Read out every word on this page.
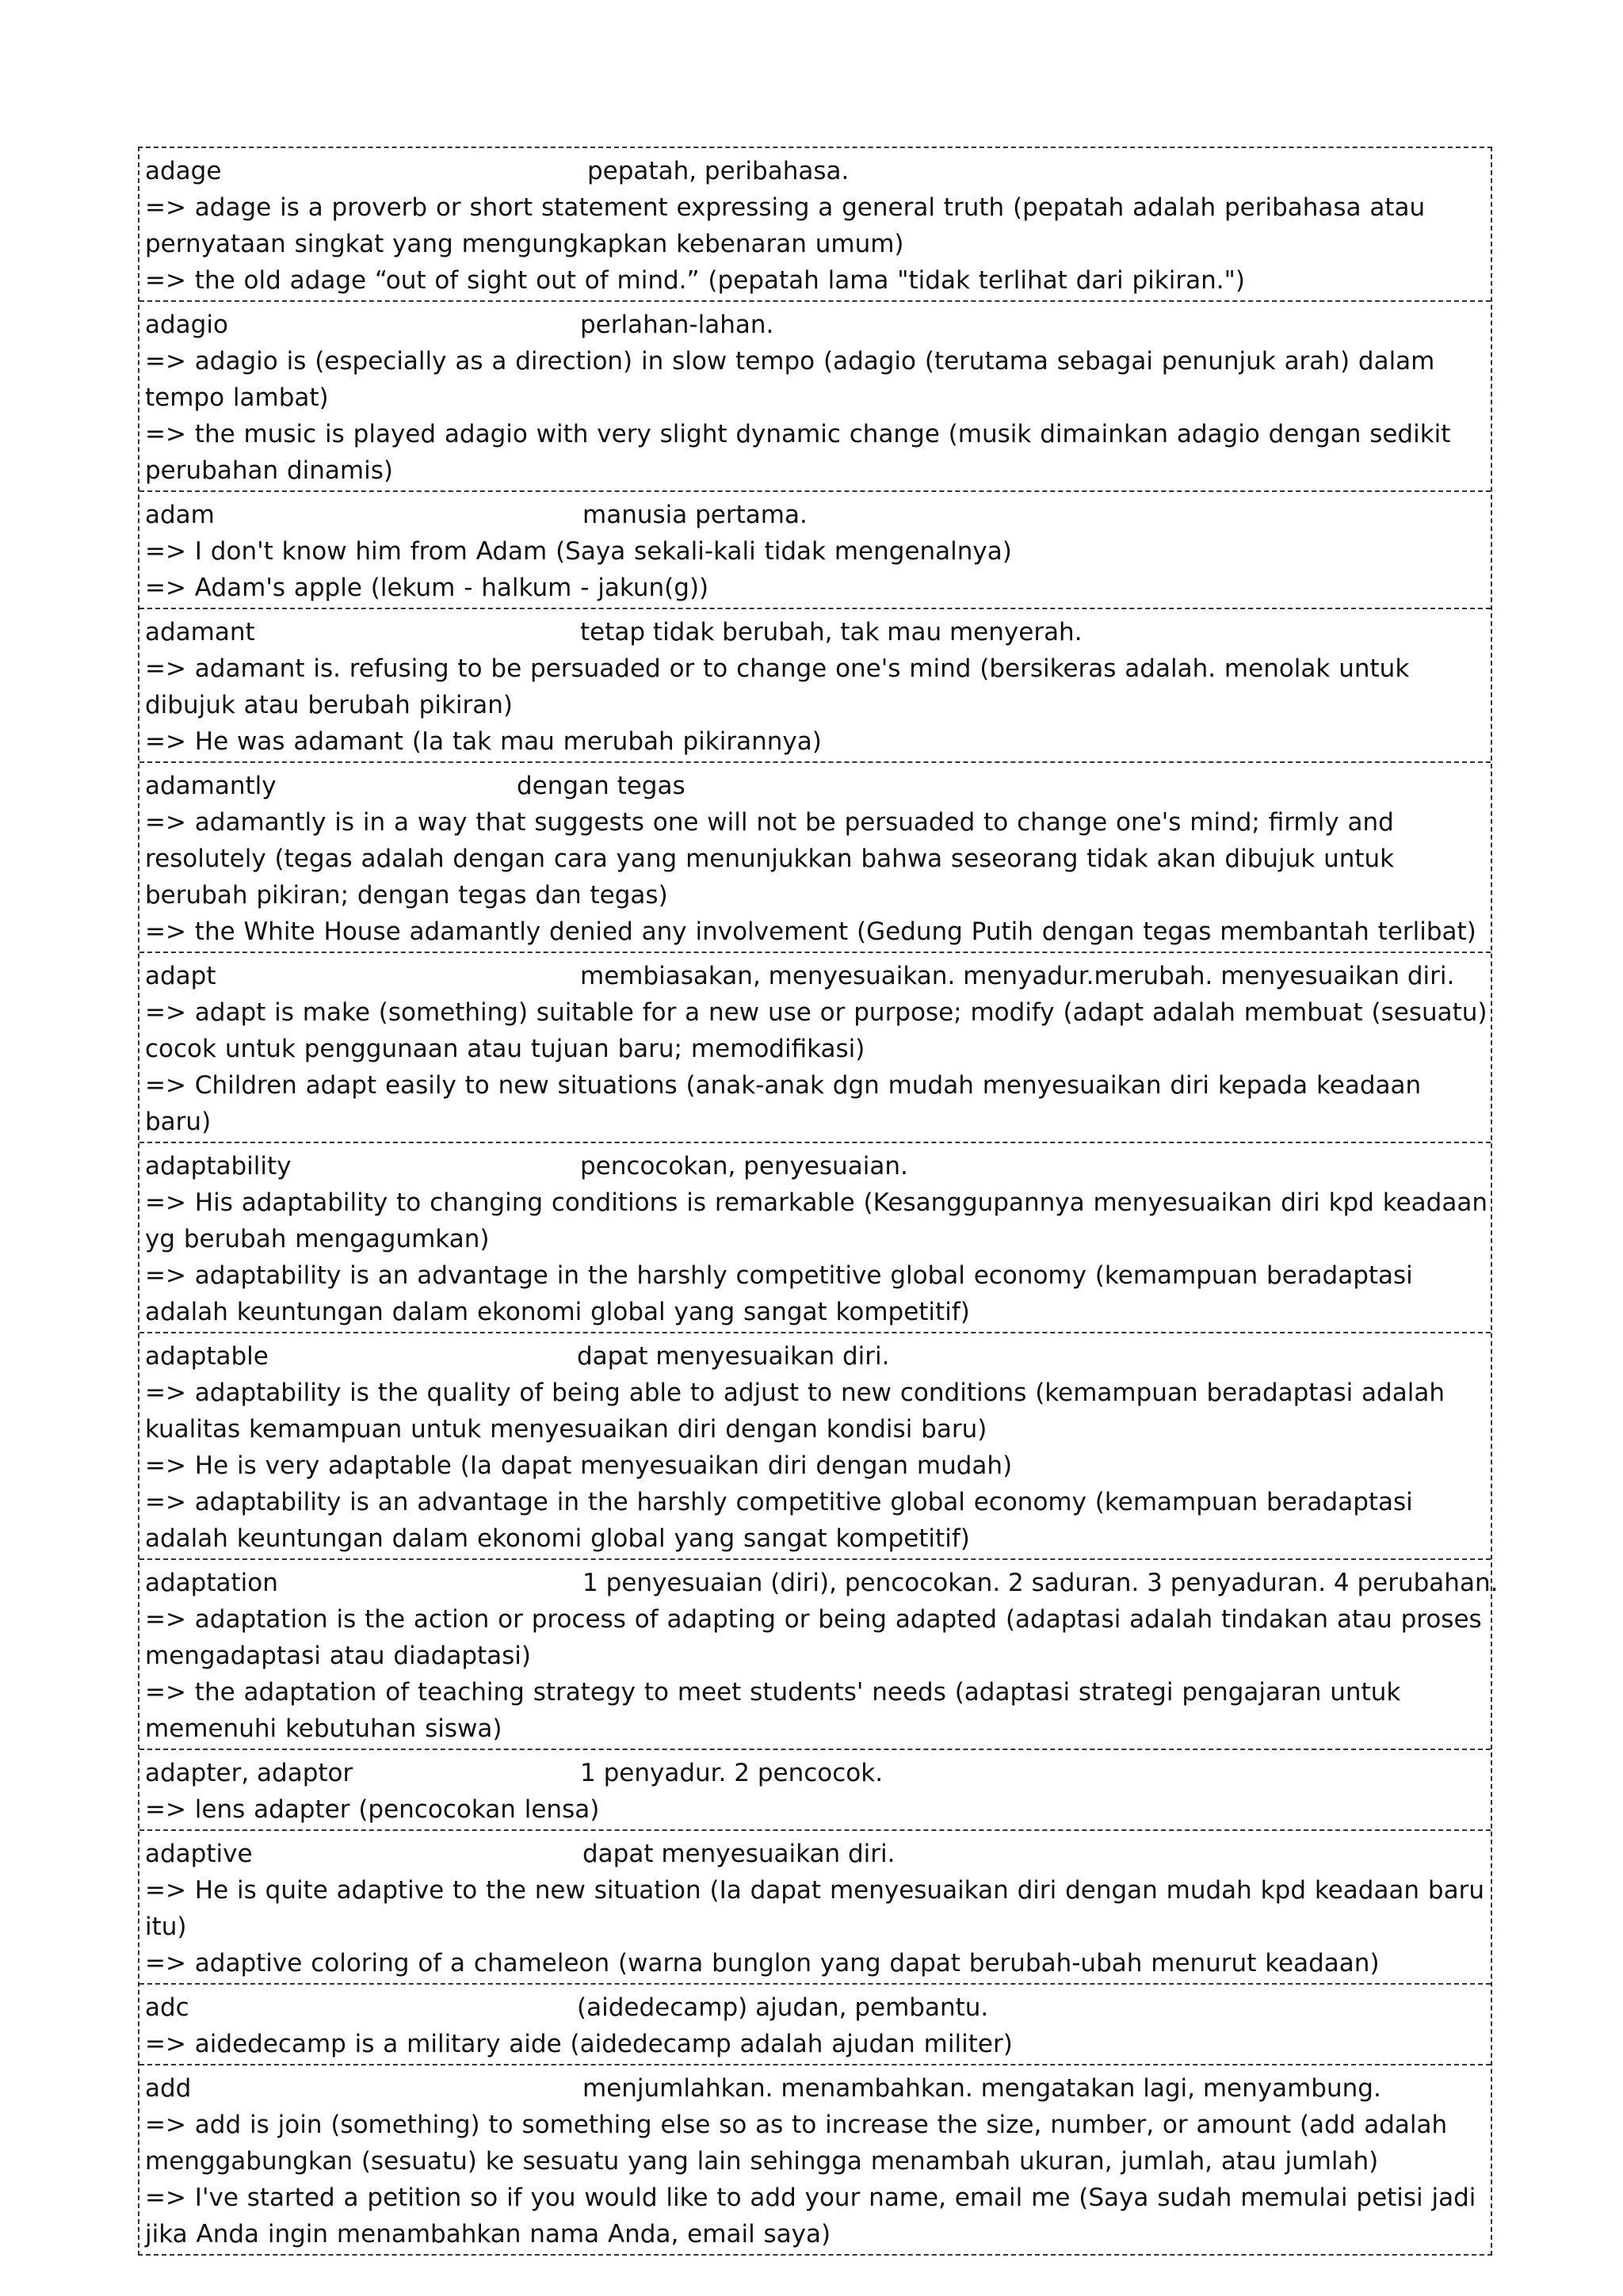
adage	pepatah, peribahasa.
=> adage is a proverb or short statement expressing a general truth (pepatah adalah peribahasa atau pernyataan singkat yang mengungkapkan kebenaran umum)
=> the old adage “out of sight out of mind.” (pepatah lama "tidak terlihat dari pikiran.")
adagio	perlahan-lahan.
=> adagio is (especially as a direction) in slow tempo (adagio (terutama sebagai penunjuk arah) dalam tempo lambat)
=> the music is played adagio with very slight dynamic change (musik dimainkan adagio dengan sedikit perubahan dinamis)
adam	manusia pertama.
=> I don't know him from Adam (Saya sekali-kali tidak mengenalnya)
=> Adam's apple (lekum - halkum - jakun(g))
adamant	tetap tidak berubah, tak mau menyerah.
=> adamant is. refusing to be persuaded or to change one's mind (bersikeras adalah. menolak untuk dibujuk atau berubah pikiran)
=> He was adamant (Ia tak mau merubah pikirannya)
adamantly	dengan tegas
=> adamantly is in a way that suggests one will not be persuaded to change one's mind; firmly and resolutely (tegas adalah dengan cara yang menunjukkan bahwa seseorang tidak akan dibujuk untuk berubah pikiran; dengan tegas dan tegas)
=> the White House adamantly denied any involvement (Gedung Putih dengan tegas membantah terlibat)
adapt	membiasakan, menyesuaikan. menyadur.merubah. menyesuaikan diri.
=> adapt is make (something) suitable for a new use or purpose; modify (adapt adalah membuat (sesuatu) cocok untuk penggunaan atau tujuan baru; memodifikasi)
=> Children adapt easily to new situations (anak-anak dgn mudah menyesuaikan diri kepada keadaan baru)
adaptability	pencocokan, penyesuaian.
=> His adaptability to changing conditions is remarkable (Kesanggupannya menyesuaikan diri kpd keadaan yg berubah mengagumkan)
=> adaptability is an advantage in the harshly competitive global economy (kemampuan beradaptasi adalah keuntungan dalam ekonomi global yang sangat kompetitif)
adaptable	dapat menyesuaikan diri.
=> adaptability is the quality of being able to adjust to new conditions (kemampuan beradaptasi adalah kualitas kemampuan untuk menyesuaikan diri dengan kondisi baru)
=> He is very adaptable (Ia dapat menyesuaikan diri dengan mudah)
=> adaptability is an advantage in the harshly competitive global economy (kemampuan beradaptasi adalah keuntungan dalam ekonomi global yang sangat kompetitif)
adaptation	1 penyesuaian (diri), pencocokan. 2 saduran. 3 penyaduran. 4 perubahan.
=> adaptation is the action or process of adapting or being adapted (adaptasi adalah tindakan atau proses mengadaptasi atau diadaptasi)
=> the adaptation of teaching strategy to meet students' needs (adaptasi strategi pengajaran untuk memenuhi kebutuhan siswa)
adapter, adaptor	1 penyadur. 2 pencocok.
=> lens adapter (pencocokan lensa)
adaptive	dapat menyesuaikan diri.
=> He is quite adaptive to the new situation (Ia dapat menyesuaikan diri dengan mudah kpd keadaan baru itu)
=> adaptive coloring of a chameleon (warna bunglon yang dapat berubah-ubah menurut keadaan)
adc	(aidedecamp) ajudan, pembantu.
=> aidedecamp is a military aide (aidedecamp adalah ajudan militer)
add	menjumlahkan. menambahkan. mengatakan lagi, menyambung.
=> add is join (something) to something else so as to increase the size, number, or amount (add adalah menggabungkan (sesuatu) ke sesuatu yang lain sehingga menambah ukuran, jumlah, atau jumlah)
=> I've started a petition so if you would like to add your name, email me (Saya sudah memulai petisi jadi jika Anda ingin menambahkan nama Anda, email saya)
